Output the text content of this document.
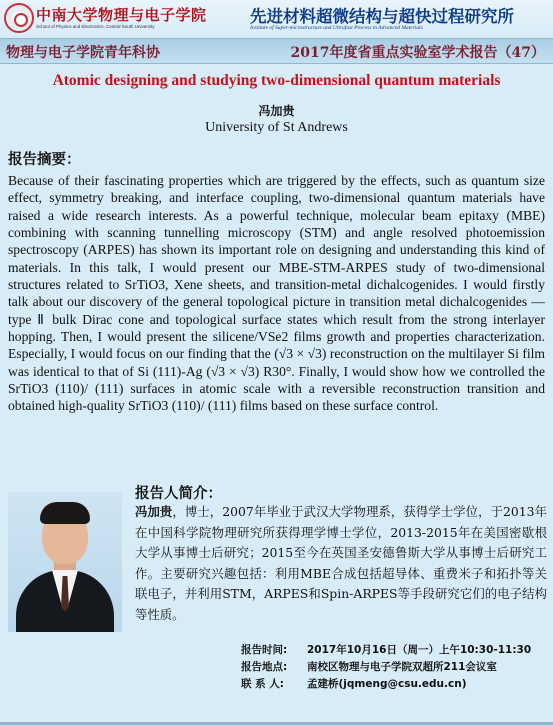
中南大学物理与电子学院
School of Physics and Electronics, Central South University
先进材料超微结构与超快过程研究所
Institute of Super-microstructure and Ultrafast Process in Advanced Materials
物理与电子学院青年科协	2017年度省重点实验室学术报告（47）
Atomic designing and studying two-dimensional quantum materials
冯加贵
University of St Andrews
报告摘要：
Because of their fascinating properties which are triggered by the effects, such as quantum size effect, symmetry breaking, and interface coupling, two-dimensional quantum materials have raised a wide research interests. As a powerful technique, molecular beam epitaxy (MBE) combining with scanning tunnelling microscopy (STM) and angle resolved photoemission spectroscopy (ARPES) has shown its important role on designing and understanding this kind of materials. In this talk, I would present our MBE-STM-ARPES study of two-dimensional structures related to SrTiO3, Xene sheets, and transition-metal dichalcogenides. I would firstly talk about our discovery of the general topological picture in transition metal dichalcogenides — type Ⅱ bulk Dirac cone and topological surface states which result from the strong interlayer hopping. Then, I would present the silicene/VSe2 films growth and properties characterization. Especially, I would focus on our finding that the (√3 × √3) reconstruction on the multilayer Si film was identical to that of Si (111)-Ag (√3 × √3) R30°. Finally, I would show how we controlled the SrTiO3 (110)/ (111) surfaces in atomic scale with a reversible reconstruction transition and obtained high-quality SrTiO3 (110)/ (111) films based on these surface control.
报告人简介：
冯加贵，博士，2007年毕业于武汉大学物理系，获得学士学位，于2013年在中国科学院物理研究所获得理学博士学位，2013-2015年在美国密歇根大学从事博士后研究；2015至今在英国圣安德鲁斯大学从事博士后研究工作。主要研究兴趣包括：利用MBE合成包括超导体、重费米子和拓扑等关联电子，并利用STM，ARPES和Spin-ARPES等手段研究它们的电子结构等性质。
报告时间: 2017年10月16日（周一）上午10:30-11:30
报告地点: 南校区物理与电子学院双超所211会议室
联 系 人: 孟建桥(jqmeng@csu.edu.cn)
